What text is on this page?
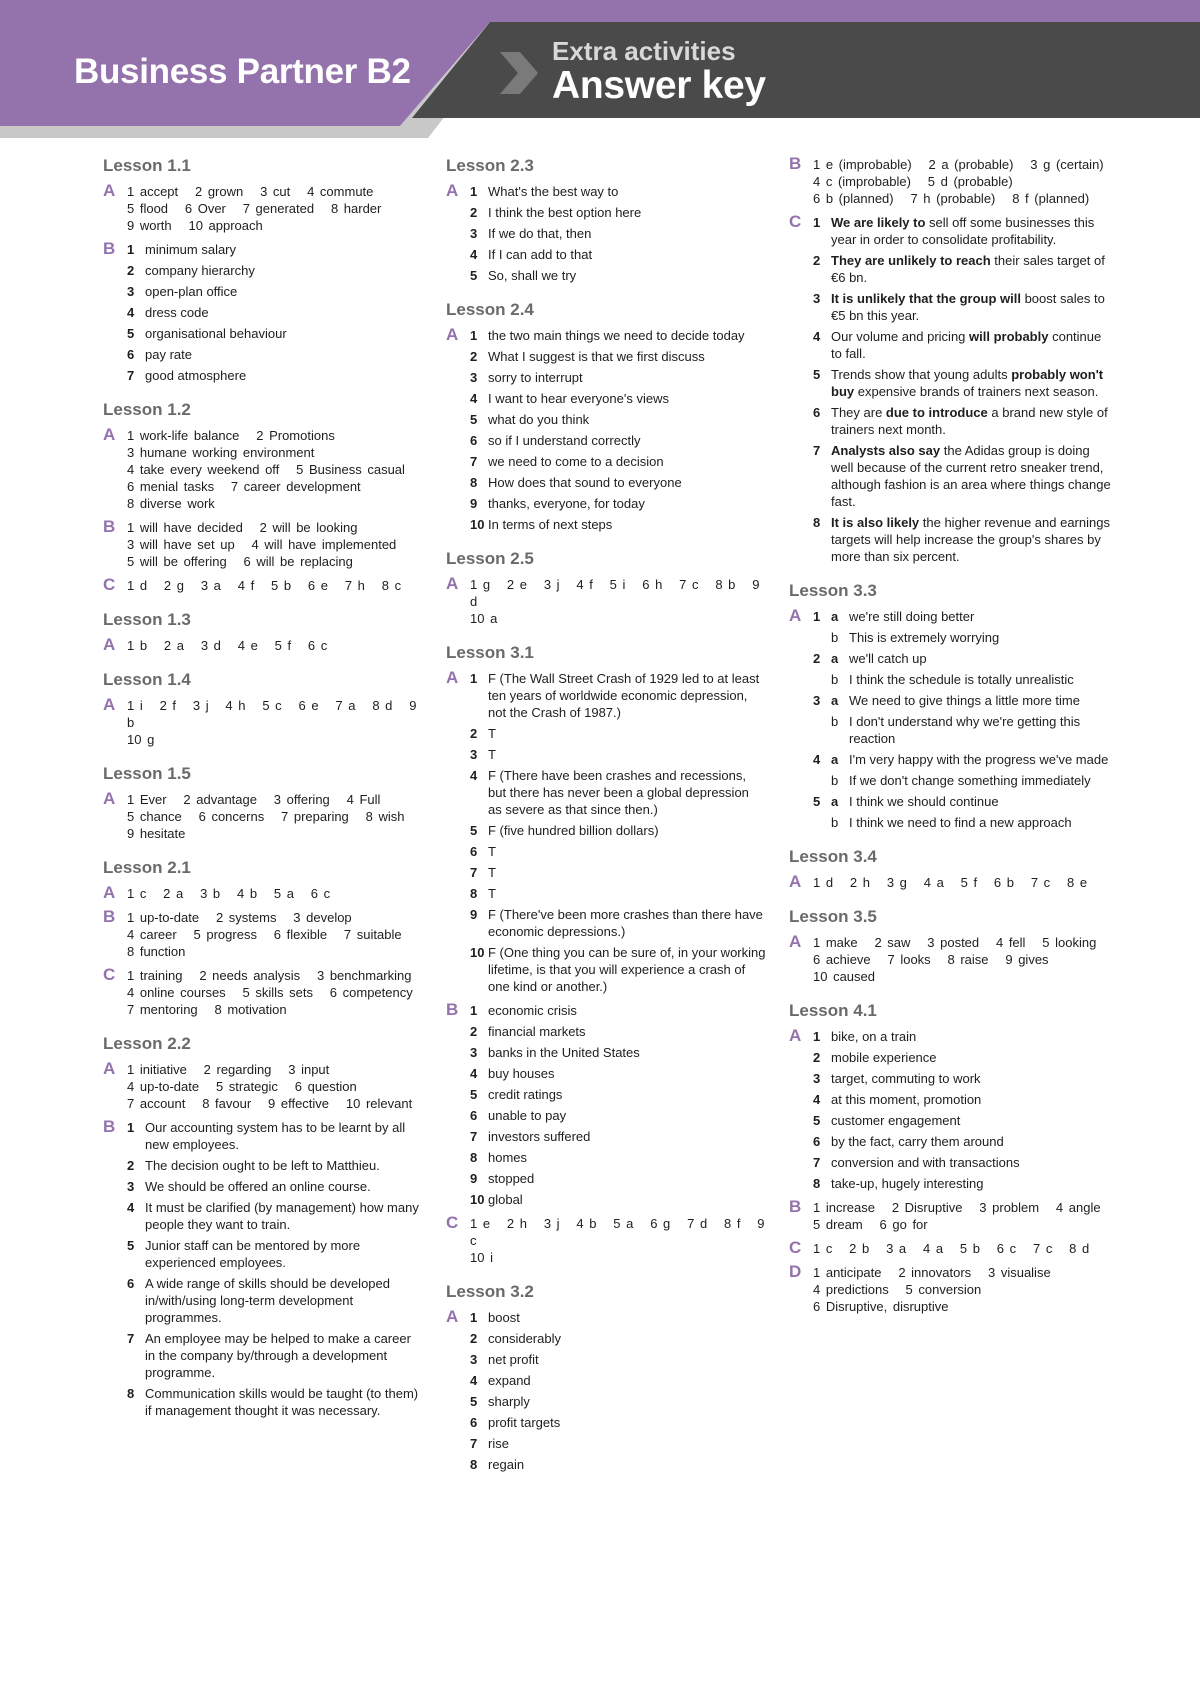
Business Partner B2
Extra activities
Answer key
Lesson 1.1
A 1 accept   2 grown   3 cut   4 commute
5 flood   6 Over   7 generated   8 harder
9 worth   10 approach
B 1 minimum salary
2 company hierarchy
3 open-plan office
4 dress code
5 organisational behaviour
6 pay rate
7 good atmosphere
Lesson 1.2
A 1 work-life balance   2 Promotions
3 humane working environment
4 take every weekend off   5 Business casual
6 menial tasks   7 career development
8 diverse work
B 1 will have decided   2 will be looking
3 will have set up   4 will have implemented
5 will be offering   6 will be replacing
C 1 d   2 g   3 a   4 f   5 b   6 e   7 h   8 c
Lesson 1.3
A 1 b   2 a   3 d   4 e   5 f   6 c
Lesson 1.4
A 1 i   2 f   3 j   4 h   5 c   6 e   7 a   8 d   9 b
10 g
Lesson 1.5
A 1 Ever   2 advantage   3 offering   4 Full
5 chance   6 concerns   7 preparing   8 wish
9 hesitate
Lesson 2.1
A 1 c   2 a   3 b   4 b   5 a   6 c
B 1 up-to-date   2 systems   3 develop
4 career   5 progress   6 flexible   7 suitable
8 function
C 1 training   2 needs analysis   3 benchmarking
4 online courses   5 skills sets   6 competency
7 mentoring   8 motivation
Lesson 2.2
A 1 initiative   2 regarding   3 input
4 up-to-date   5 strategic   6 question
7 account   8 favour   9 effective   10 relevant
B 1 Our accounting system has to be learnt by all new employees.
2 The decision ought to be left to Matthieu.
3 We should be offered an online course.
4 It must be clarified (by management) how many people they want to train.
5 Junior staff can be mentored by more experienced employees.
6 A wide range of skills should be developed in/with/using long-term development programmes.
7 An employee may be helped to make a career in the company by/through a development programme.
8 Communication skills would be taught (to them) if management thought it was necessary.
Lesson 2.3
A 1 What's the best way to
2 I think the best option here
3 If we do that, then
4 If I can add to that
5 So, shall we try
Lesson 2.4
A 1 the two main things we need to decide today
2 What I suggest is that we first discuss
3 sorry to interrupt
4 I want to hear everyone's views
5 what do you think
6 so if I understand correctly
7 we need to come to a decision
8 How does that sound to everyone
9 thanks, everyone, for today
10 In terms of next steps
Lesson 2.5
A 1 g   2 e   3 j   4 f   5 i   6 h   7 c   8 b   9 d
10 a
Lesson 3.1
A 1 F (The Wall Street Crash of 1929 led to at least ten years of worldwide economic depression, not the Crash of 1987.)
2 T
3 T
4 F (There have been crashes and recessions, but there has never been a global depression as severe as that since then.)
5 F (five hundred billion dollars)
6 T
7 T
8 T
9 F (There've been more crashes than there have economic depressions.)
10 F (One thing you can be sure of, in your working lifetime, is that you will experience a crash of one kind or another.)
B 1 economic crisis
2 financial markets
3 banks in the United States
4 buy houses
5 credit ratings
6 unable to pay
7 investors suffered
8 homes
9 stopped
10 global
C 1 e   2 h   3 j   4 b   5 a   6 g   7 d   8 f   9 c
10 i
Lesson 3.2
A 1 boost
2 considerably
3 net profit
4 expand
5 sharply
6 profit targets
7 rise
8 regain
B 1 e (improbable)   2 a (probable)   3 g (certain)
4 c (improbable)   5 d (probable)
6 b (planned)   7 h (probable)   8 f (planned)
C 1 We are likely to sell off some businesses this year in order to consolidate profitability.
2 They are unlikely to reach their sales target of €6 bn.
3 It is unlikely that the group will boost sales to €5 bn this year.
4 Our volume and pricing will probably continue to fall.
5 Trends show that young adults probably won't buy expensive brands of trainers next season.
6 They are due to introduce a brand new style of trainers next month.
7 Analysts also say the Adidas group is doing well because of the current retro sneaker trend, although fashion is an area where things change fast.
8 It is also likely the higher revenue and earnings targets will help increase the group's shares by more than six percent.
Lesson 3.3
A 1 a we're still doing better
b This is extremely worrying
2 a we'll catch up
b I think the schedule is totally unrealistic
3 a We need to give things a little more time
b I don't understand why we're getting this reaction
4 a I'm very happy with the progress we've made
b If we don't change something immediately
5 a I think we should continue
b I think we need to find a new approach
Lesson 3.4
A 1 d   2 h   3 g   4 a   5 f   6 b   7 c   8 e
Lesson 3.5
A 1 make   2 saw   3 posted   4 fell   5 looking
6 achieve   7 looks   8 raise   9 gives
10 caused
Lesson 4.1
A 1 bike, on a train
2 mobile experience
3 target, commuting to work
4 at this moment, promotion
5 customer engagement
6 by the fact, carry them around
7 conversion and with transactions
8 take-up, hugely interesting
B 1 increase   2 Disruptive   3 problem   4 angle
5 dream   6 go for
C 1 c   2 b   3 a   4 a   5 b   6 c   7 c   8 d
D 1 anticipate   2 innovators   3 visualise
4 predictions   5 conversion
6 Disruptive, disruptive
